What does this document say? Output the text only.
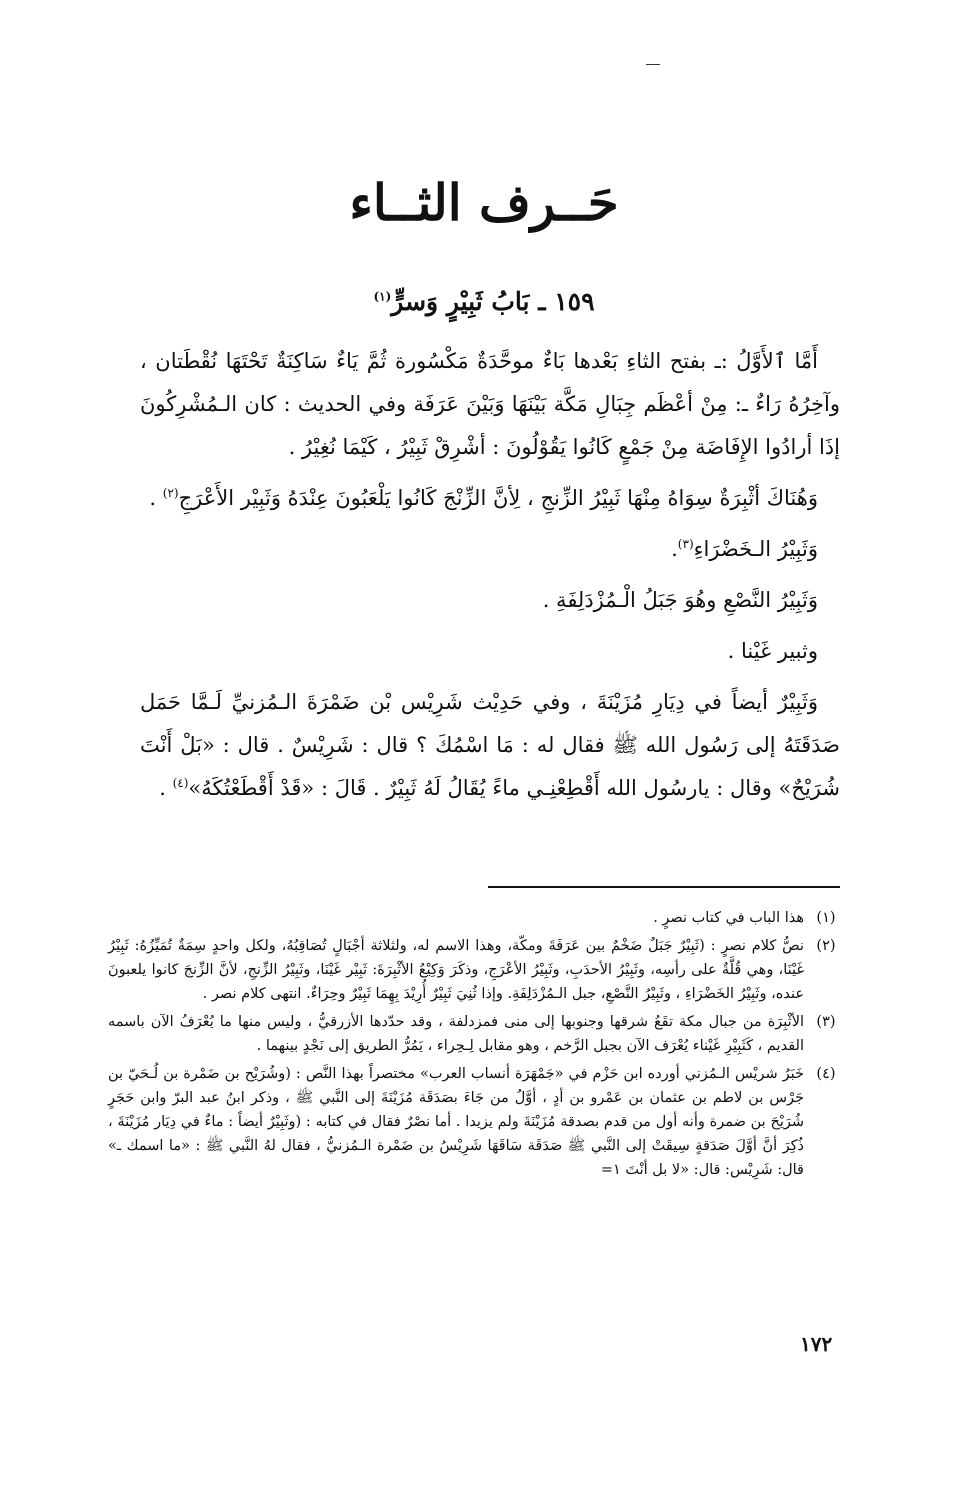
حَــرف الثــاء
١٥٩ ـ بَابُ ثَبِيْرٍ وَسرٍّ$^{(١)}$

أَمَّا ٱلأَوَّلُ :ـ بفتح الثاءِ بَعْدها بَاءٌ موحَّدَةٌ مَكْسُورة ثُمَّ يَاءٌ سَاكِنَةٌ تَحْتَهَا نُقْطَتان ، وآخِرُهُ رَاءٌ ـ: مِنْ أعْظَم جِبَالِ مَكَّة بَيْنَهَا وَبَيْنَ عَرَفَة وفي الحديث : كان الـمُشْرِكُونَ إذَا أرادُوا الإِفَاضَة مِنْ جَمْعٍ كَانُوا يَقُوْلُونَ : أشْرِقْ ثَبِيْرُ ، كَيْمَا نُغِيْرُ .

وَهُنَاكَ أثْبِرَةٌ سِوَاهُ مِنْهَا ثَبِيْرُ الزِّنجِ ، لِأنَّ الزِّنْجَ كَانُوا يَلْعَبُونَ عِنْدَهُ وَثَبِيْر الأَعْرَجِ$^{(٢)}$ .

وَثَبِيْرُ الـخَضْرَاءِ$^{(٣)}$.

وَثَبِيْرُ النَّصْعِ وهُوَ جَبَلُ الْـمُزْدَلِفَةِ .

وثبير غَيْنا .

وَثَبِيْرٌ أيضاً في دِيَارِ مُزَيْنَةَ ، وفي حَدِيْث شَرِيْس بْن ضَمْرَةَ الـمُزنيِّ لَـمَّا حَمَل صَدَقَتَهُ إلى رَسُول الله ﷺ فقال له : مَا اسْمُكَ ؟ قال : شَرِيْسٌ . قال : «بَلْ أَنْتَ شُرَيْحٌ» وقال : يارسُول الله أَقْطِعْنِـي ماءً يُقَالُ لَهُ ثَبِيْرٌ . قَالَ : «قَدْ أَقْطَعْتُكَهُ»$^{(٤)}$ .

(١)
هذا الباب في كتاب نصرٍ .
(٢)
نصُّ كلام نصرٍ : (ثَبِيْرٌ جَبَلٌ ضَخْمٌ بين عَرَفَةَ ومكّة، وهذا الاسم له، ولثلاثة أجْبَالٍ تُصَاقِبُهُ، ولكل واحدٍ سِمَةٌ تُمَيِّزُهُ: ثَبِيْرُ غَيْنَا، وهي قُلَّةٌ على رأسِه، وثَبِيْرُ الأحدَبِ، وثَبِيْرُ الأعْرَجِ، وذكَرَ وَكِيْعُ الأثْبِرَةَ: ثَبِيْر غَيْنَا، وثَبِيْرُ الزِّنجِ، لأنَّ الزِّنجَ كانوا يلعبونَ عنده، وثَبِيْرُ الخَضْرَاءِ ، وثَبِيْرُ النَّصْعِ، جبل الـمُزْدَلِفَةِ. وإذا ثُنِيَ ثَبِيْرٌ أُرِيْدَ بِهِمَا ثَبِيْرٌ وحِرَاءٌ. انتهى كلام نصر .
(٣)
الأثْبِرَة من جبال مكة تقَعُ شرقها وجنوبها إلى منى فمزدلفة ، وقد حدّدها الأزرقيُّ ، وليس منها ما يُعْرَفُ الآن باسمه القديم ، كَثَبِيْرِ غَيْناء يُعْرَف الآن بجبل الرَّخم ، وهو مقابل لِـحِراء ، يَمُرُّ الطريق إلى نَجْدٍ بينهما .
(٤)
خَبَرُ شريْس الـمُزني أورده ابن حَزْم في «جَمْهَرَة أنساب العرب» مختصراً بهذا النَّص : (وشُرَيْح بن ضَمْرة بن لُـحَيّ بن جَرْس بن لاطم بن عثمان بن عَمْرو بن أدٍ ، أوَّلُ من جَاءَ بصَدَقَة مُزَيْنَةَ إلى النَّبي ﷺ ، وذكر ابنُ عبد البرّ وابن حَجَرٍ شُرَيْحَ بن ضمرة وأنه أول من قدم بصدقة مُزَيْنَةَ ولم يزيدا . أما نصْرٌ فقال في كتابه : (وثَبِيْرٌ أيضاً : ماءٌ في دِيَار مُزَيْنَةَ ، ذُكِرَ أنَّ أوَّلَ صَدَقةٍ سِيقَتْ إلى النَّبي ﷺ صَدَقَة سَاقَهَا شَرِيْسُ بن ضَمْرة الـمُزنيُّ ، فقال لهُ النَّبي ﷺ : «ما اسمك ـ» قال: شَرِيْس: قال: «لا بل أنْتَ ١=
١٧٢
